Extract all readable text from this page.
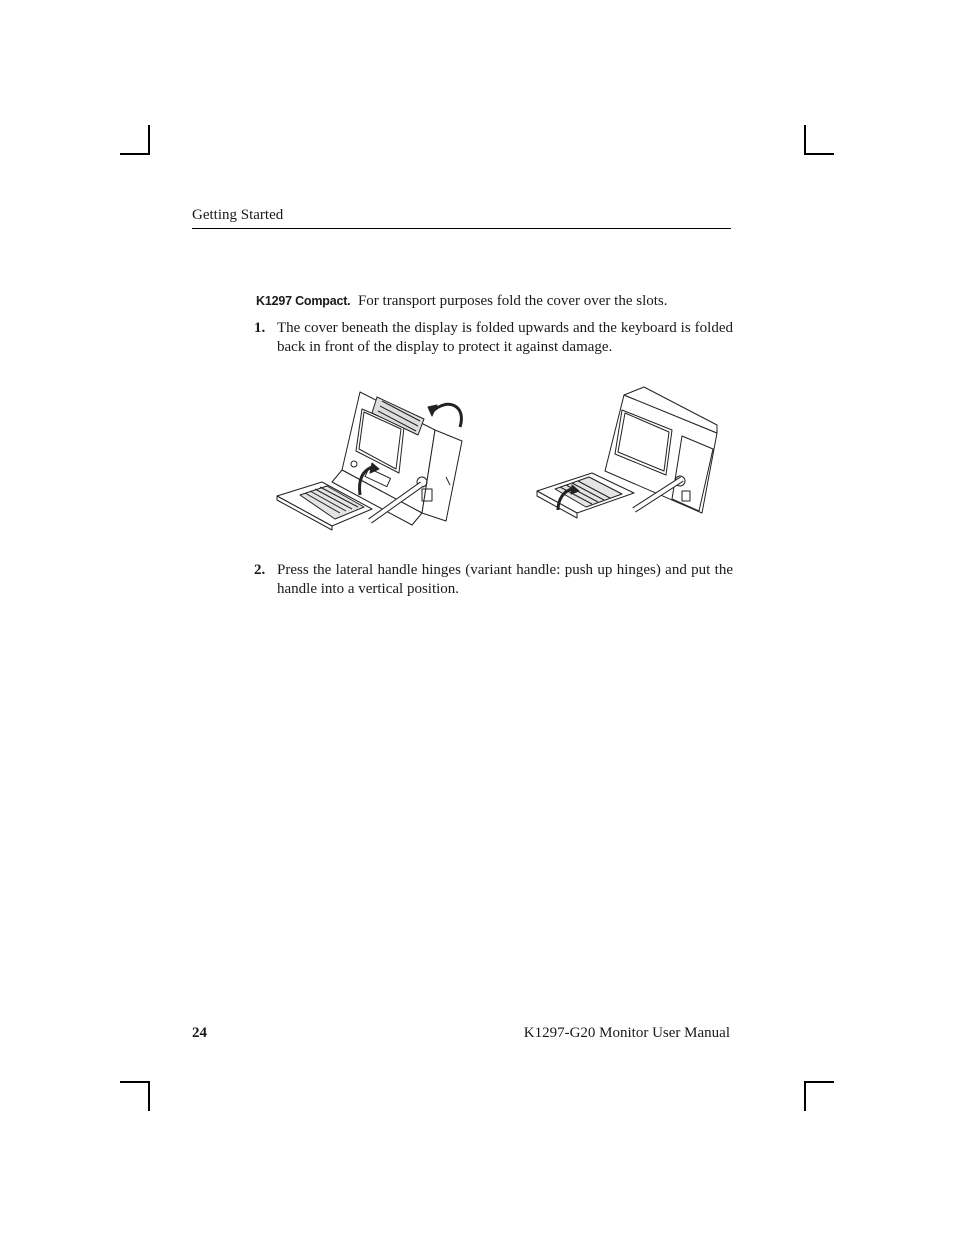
Getting Started
K1297 Compact. For transport purposes fold the cover over the slots.
1. The cover beneath the display is folded upwards and the keyboard is folded back in front of the display to protect it against damage.
2. Press the lateral handle hinges (variant handle: push up hinges) and put the handle into a vertical position.
24	K1297-G20 Monitor User Manual
